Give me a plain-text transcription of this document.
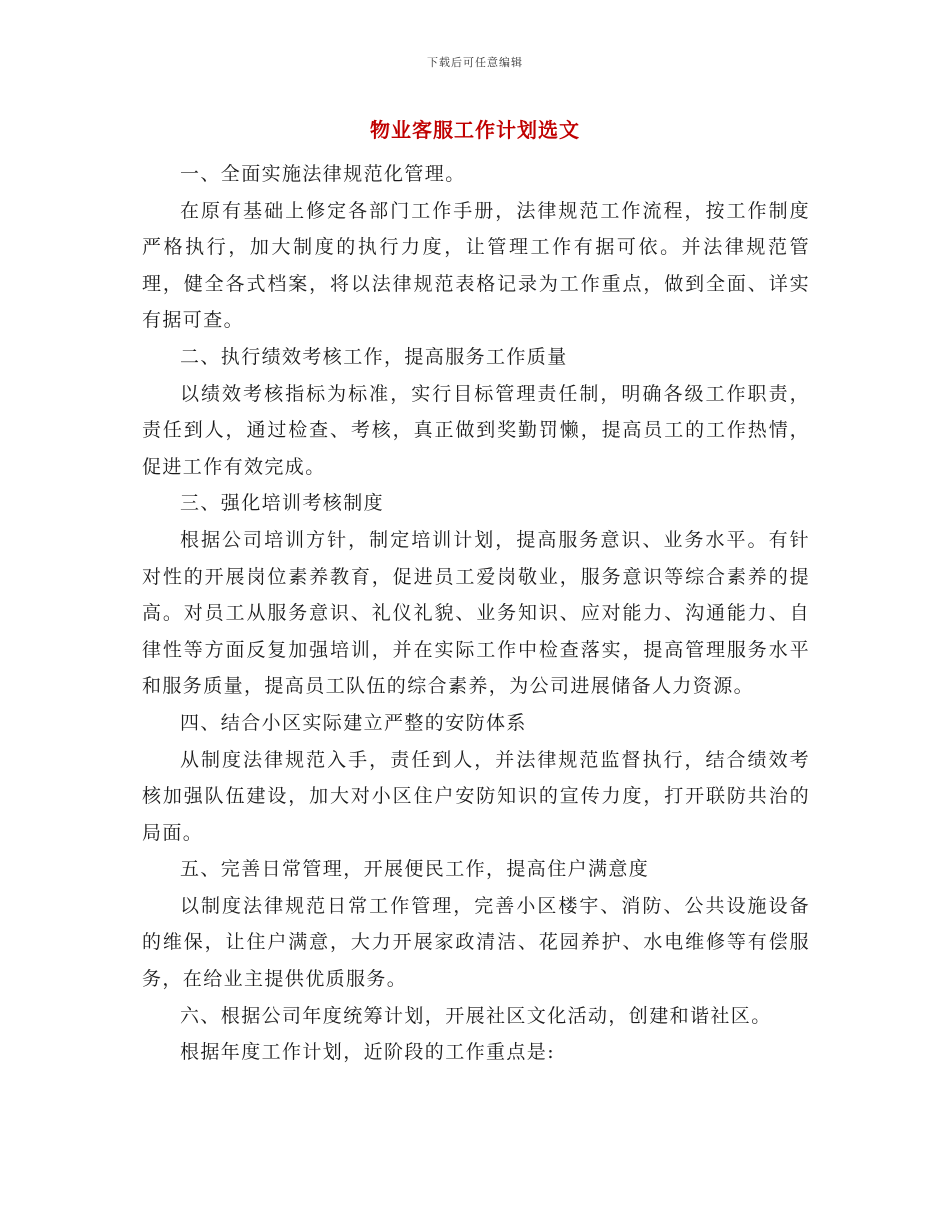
下载后可任意编辑
物业客服工作计划选文

一、全面实施法律规范化管理。

在原有基础上修定各部门工作手册，法律规范工作流程，按工作制度严格执行，加大制度的执行力度，让管理工作有据可依。并法律规范管理，健全各式档案，将以法律规范表格记录为工作重点，做到全面、详实有据可查。

二、执行绩效考核工作，提高服务工作质量

以绩效考核指标为标准，实行目标管理责任制，明确各级工作职责，责任到人，通过检查、考核，真正做到奖勤罚懒，提高员工的工作热情，促进工作有效完成。

三、强化培训考核制度

根据公司培训方针，制定培训计划，提高服务意识、业务水平。有针对性的开展岗位素养教育，促进员工爱岗敬业，服务意识等综合素养的提高。对员工从服务意识、礼仪礼貌、业务知识、应对能力、沟通能力、自律性等方面反复加强培训，并在实际工作中检查落实，提高管理服务水平和服务质量，提高员工队伍的综合素养，为公司进展储备人力资源。

四、结合小区实际建立严整的安防体系

从制度法律规范入手，责任到人，并法律规范监督执行，结合绩效考核加强队伍建设，加大对小区住户安防知识的宣传力度，打开联防共治的局面。

五、完善日常管理，开展便民工作，提高住户满意度

以制度法律规范日常工作管理，完善小区楼宇、消防、公共设施设备的维保，让住户满意，大力开展家政清洁、花园养护、水电维修等有偿服务，在给业主提供优质服务。

六、根据公司年度统筹计划，开展社区文化活动，创建和谐社区。

根据年度工作计划，近阶段的工作重点是:
